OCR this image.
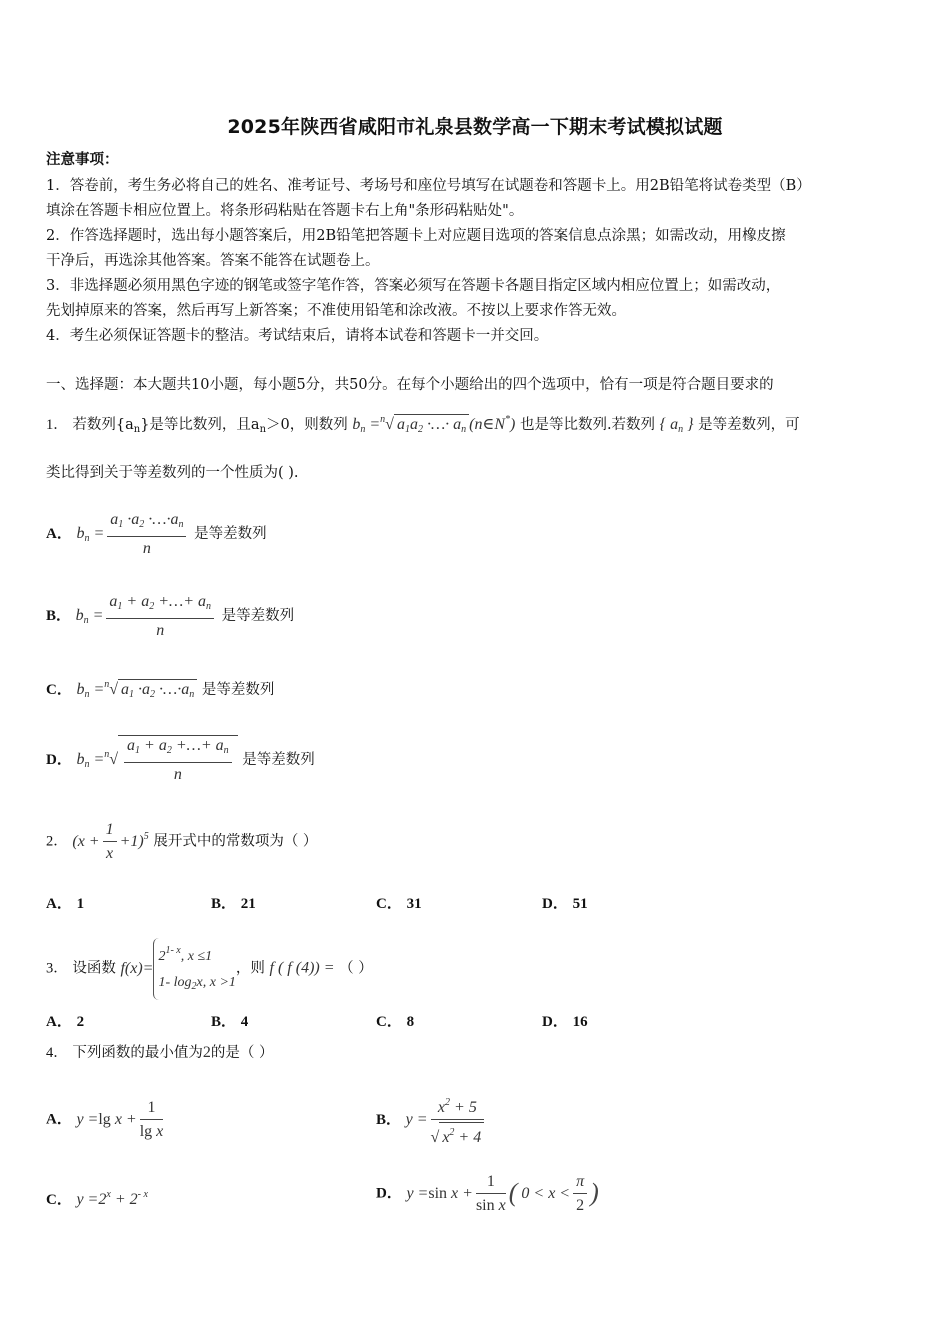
2025年陕西省咸阳市礼泉县数学高一下期末考试模拟试题
注意事项：
1．答卷前，考生务必将自己的姓名、准考证号、考场号和座位号填写在试题卷和答题卡上。用2B铅笔将试卷类型（B）
填涂在答题卡相应位置上。将条形码粘贴在答题卡右上角"条形码粘贴处"。
2．作答选择题时，选出每小题答案后，用2B铅笔把答题卡上对应题目选项的答案信息点涂黑；如需改动，用橡皮擦
干净后，再选涂其他答案。答案不能答在试题卷上。
3．非选择题必须用黑色字迹的钢笔或签字笔作答，答案必须写在答题卡各题目指定区域内相应位置上；如需改动，
先划掉原来的答案，然后再写上新答案；不准使用铅笔和涂改液。不按以上要求作答无效。
4．考生必须保证答题卡的整洁。考试结束后，请将本试卷和答题卡一并交回。
一、选择题：本大题共10小题，每小题5分，共50分。在每个小题给出的四个选项中，恰有一项是符合题目要求的
1． 若数列$\{a_n\}$是等比数列，且$a_n>0$，则数列 $b_n =^n√$ $a_1a_2$ ·…· $a_n$ (n∈N*) 也是等比数列.若数列 { $a_n$ } 是等差数列，可
类比得到关于等差数列的一个性质为( ).
A． $b_n = \frac{a_1 \cdot a_2 \cdot\dots\cdot a_n}{n}$ 是等差数列
B． $b_n = \frac{a_1 + a_2 +\dots+ a_n}{n}$ 是等差数列
C． $b_n =^n√$ $a_1 \cdot a_2$ $\cdot\dots\cdot a_n$ 是等差数列
D． $b_n =^n√ \frac{a_1 + a_2 +\dots+ a_n}{n}$ 是等差数列
2． $(x + \frac{1}{x} +1)^5$ 展开式中的常数项为（ ）
A． 1	B． 21	C． 31	D． 51
3． 设函数 $f(x)=2^{1- x}$, x ≤1
1- $\log_2x$, x >1，则 f ( f (4)) = （ ）
A． 2	B． 4	C． 8	D． 16
4． 下列函数的最小值为2的是（ ）
A． y =lg $x + \frac{1}{\text{lg x}}$	B． $y = \frac{x^2 + 5}{√ x^2 + 4}$
C． $y =2^x + 2^{- x}$	D． y =sin $x + \frac{1}{\text{sin x}}$ ( $0 < x < \frac{\pi}{2}$ )
